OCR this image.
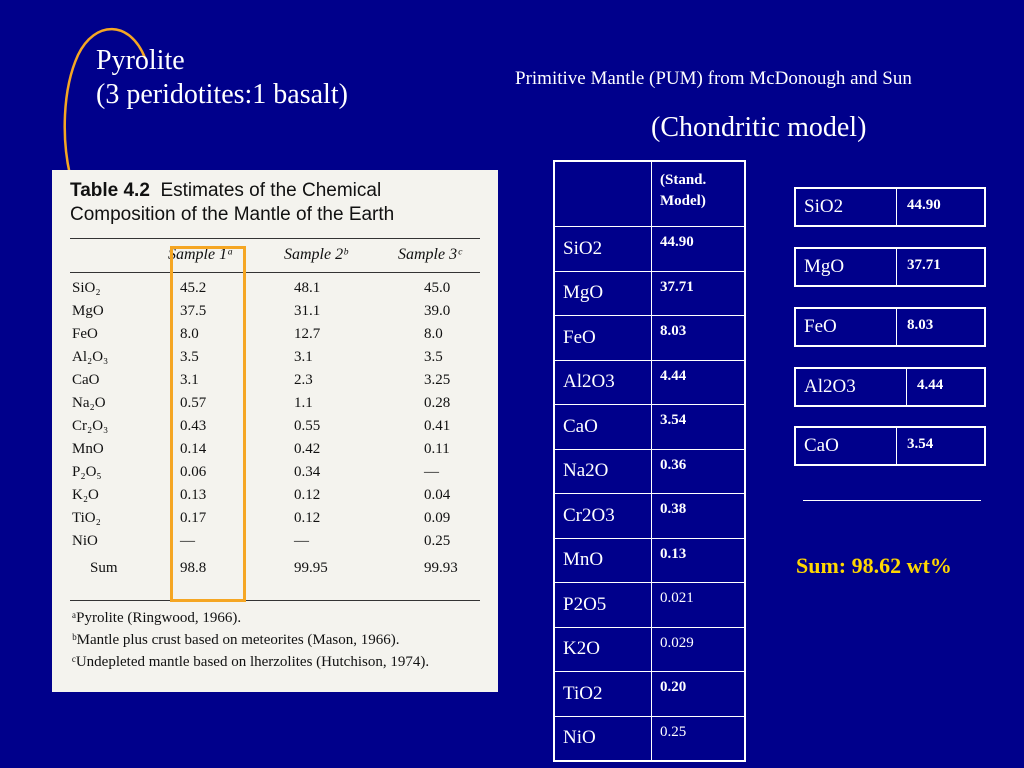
Pyrolite
(3 peridotites:1 basalt)
Primitive Mantle (PUM) from McDonough and Sun
(Chondritic model)
Table 4.2 Estimates of the Chemical
Composition of the Mantle of the Earth
Sample 1ᵃ	Sample 2ᵇ	Sample 3ᶜ
SiO₂	45.2	48.1	45.0
MgO	37.5	31.1	39.0
FeO	8.0	12.7	8.0
Al₂O₃	3.5	3.1	3.5
CaO	3.1	2.3	3.25
Na₂O	0.57	1.1	0.28
Cr₂O₃	0.43	0.55	0.41
MnO	0.14	0.42	0.11
P₂O₅	0.06	0.34	—
K₂O	0.13	0.12	0.04
TiO₂	0.17	0.12	0.09
NiO	—	—	0.25
Sum	98.8	99.95	99.93
ᵃPyrolite (Ringwood, 1966).
ᵇMantle plus crust based on meteorites (Mason, 1966).
ᶜUndepleted mantle based on lherzolites (Hutchison, 1974).
	(Stand.
Model)
SiO2	44.90
MgO	37.71
FeO	8.03
Al2O3	4.44
CaO	3.54
Na2O	0.36
Cr2O3	0.38
MnO	0.13
P2O5	0.021
K2O	0.029
TiO2	0.20
NiO	0.25
SiO2	44.90
MgO	37.71
FeO	8.03
Al2O3	4.44
CaO	3.54
Sum: 98.62 wt%
